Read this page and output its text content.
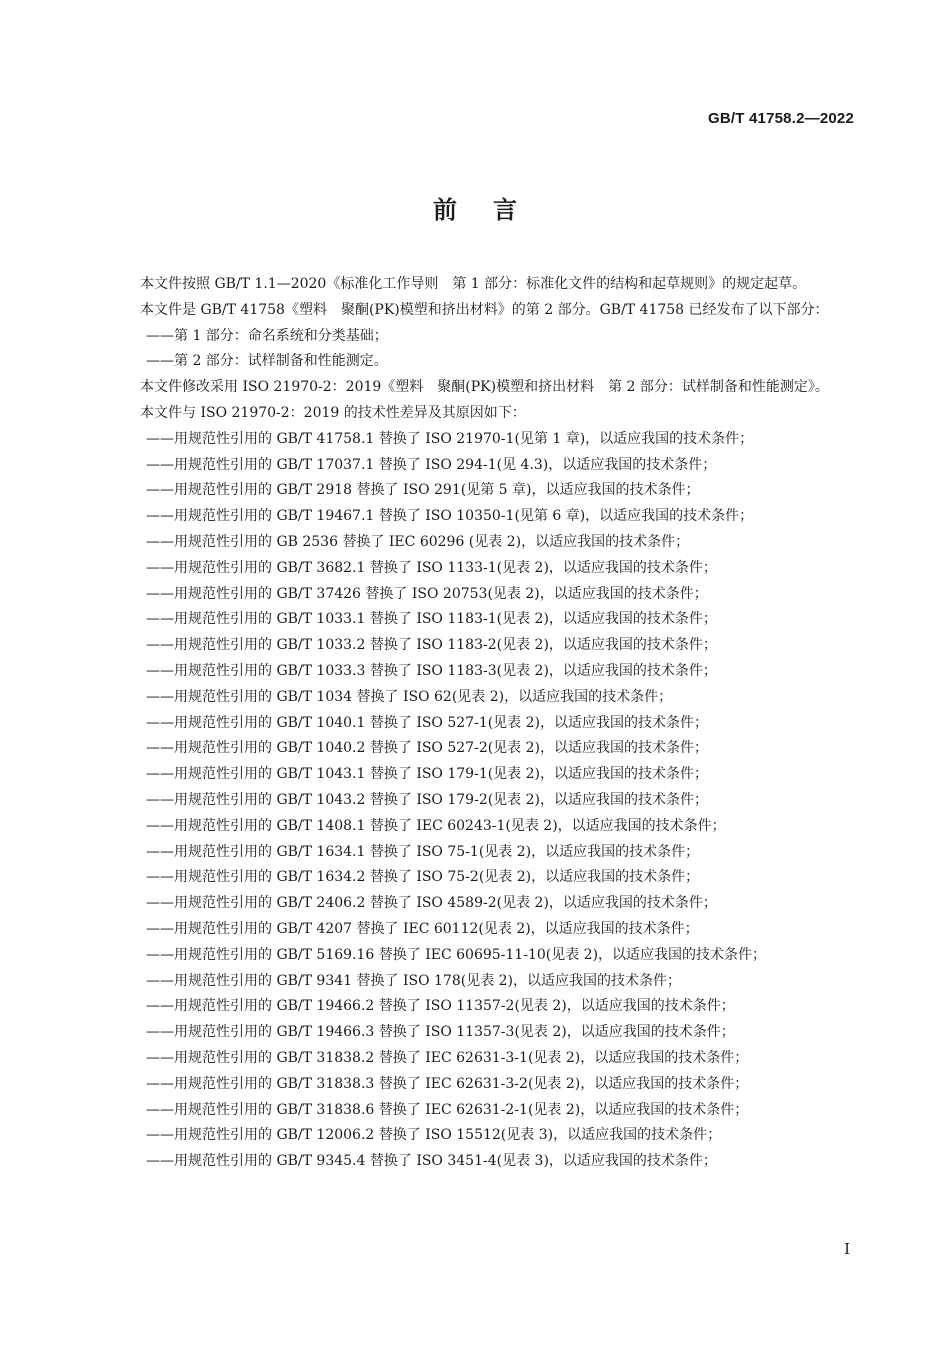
GB/T 41758.2—2022
前言

本文件按照 GB/T 1.1—2020《标准化工作导则　第 1 部分：标准化文件的结构和起草规则》的规定起草。

本文件是 GB/T 41758《塑料　聚酮(PK)模塑和挤出材料》的第 2 部分。GB/T 41758 已经发布了以下部分：

——第 1 部分：命名系统和分类基础；

——第 2 部分：试样制备和性能测定。

本文件修改采用 ISO 21970-2：2019《塑料　聚酮(PK)模塑和挤出材料　第 2 部分：试样制备和性能测定》。

本文件与 ISO 21970-2：2019 的技术性差异及其原因如下：

——用规范性引用的 GB/T 41758.1 替换了 ISO 21970-1(见第 1 章)，以适应我国的技术条件；

——用规范性引用的 GB/T 17037.1 替换了 ISO 294-1(见 4.3)，以适应我国的技术条件；

——用规范性引用的 GB/T 2918 替换了 ISO 291(见第 5 章)，以适应我国的技术条件；

——用规范性引用的 GB/T 19467.1 替换了 ISO 10350-1(见第 6 章)，以适应我国的技术条件；

——用规范性引用的 GB 2536 替换了 IEC 60296 (见表 2)，以适应我国的技术条件；

——用规范性引用的 GB/T 3682.1 替换了 ISO 1133-1(见表 2)，以适应我国的技术条件；

——用规范性引用的 GB/T 37426 替换了 ISO 20753(见表 2)，以适应我国的技术条件；

——用规范性引用的 GB/T 1033.1 替换了 ISO 1183-1(见表 2)，以适应我国的技术条件；

——用规范性引用的 GB/T 1033.2 替换了 ISO 1183-2(见表 2)，以适应我国的技术条件；

——用规范性引用的 GB/T 1033.3 替换了 ISO 1183-3(见表 2)，以适应我国的技术条件；

——用规范性引用的 GB/T 1034 替换了 ISO 62(见表 2)，以适应我国的技术条件；

——用规范性引用的 GB/T 1040.1 替换了 ISO 527-1(见表 2)，以适应我国的技术条件；

——用规范性引用的 GB/T 1040.2 替换了 ISO 527-2(见表 2)，以适应我国的技术条件；

——用规范性引用的 GB/T 1043.1 替换了 ISO 179-1(见表 2)，以适应我国的技术条件；

——用规范性引用的 GB/T 1043.2 替换了 ISO 179-2(见表 2)，以适应我国的技术条件；

——用规范性引用的 GB/T 1408.1 替换了 IEC 60243-1(见表 2)，以适应我国的技术条件；

——用规范性引用的 GB/T 1634.1 替换了 ISO 75-1(见表 2)，以适应我国的技术条件；

——用规范性引用的 GB/T 1634.2 替换了 ISO 75-2(见表 2)，以适应我国的技术条件；

——用规范性引用的 GB/T 2406.2 替换了 ISO 4589-2(见表 2)，以适应我国的技术条件；

——用规范性引用的 GB/T 4207 替换了 IEC 60112(见表 2)，以适应我国的技术条件；

——用规范性引用的 GB/T 5169.16 替换了 IEC 60695-11-10(见表 2)，以适应我国的技术条件；

——用规范性引用的 GB/T 9341 替换了 ISO 178(见表 2)，以适应我国的技术条件；

——用规范性引用的 GB/T 19466.2 替换了 ISO 11357-2(见表 2)，以适应我国的技术条件；

——用规范性引用的 GB/T 19466.3 替换了 ISO 11357-3(见表 2)，以适应我国的技术条件；

——用规范性引用的 GB/T 31838.2 替换了 IEC 62631-3-1(见表 2)，以适应我国的技术条件；

——用规范性引用的 GB/T 31838.3 替换了 IEC 62631-3-2(见表 2)，以适应我国的技术条件；

——用规范性引用的 GB/T 31838.6 替换了 IEC 62631-2-1(见表 2)，以适应我国的技术条件；

——用规范性引用的 GB/T 12006.2 替换了 ISO 15512(见表 3)，以适应我国的技术条件；

——用规范性引用的 GB/T 9345.4 替换了 ISO 3451-4(见表 3)，以适应我国的技术条件；

I
